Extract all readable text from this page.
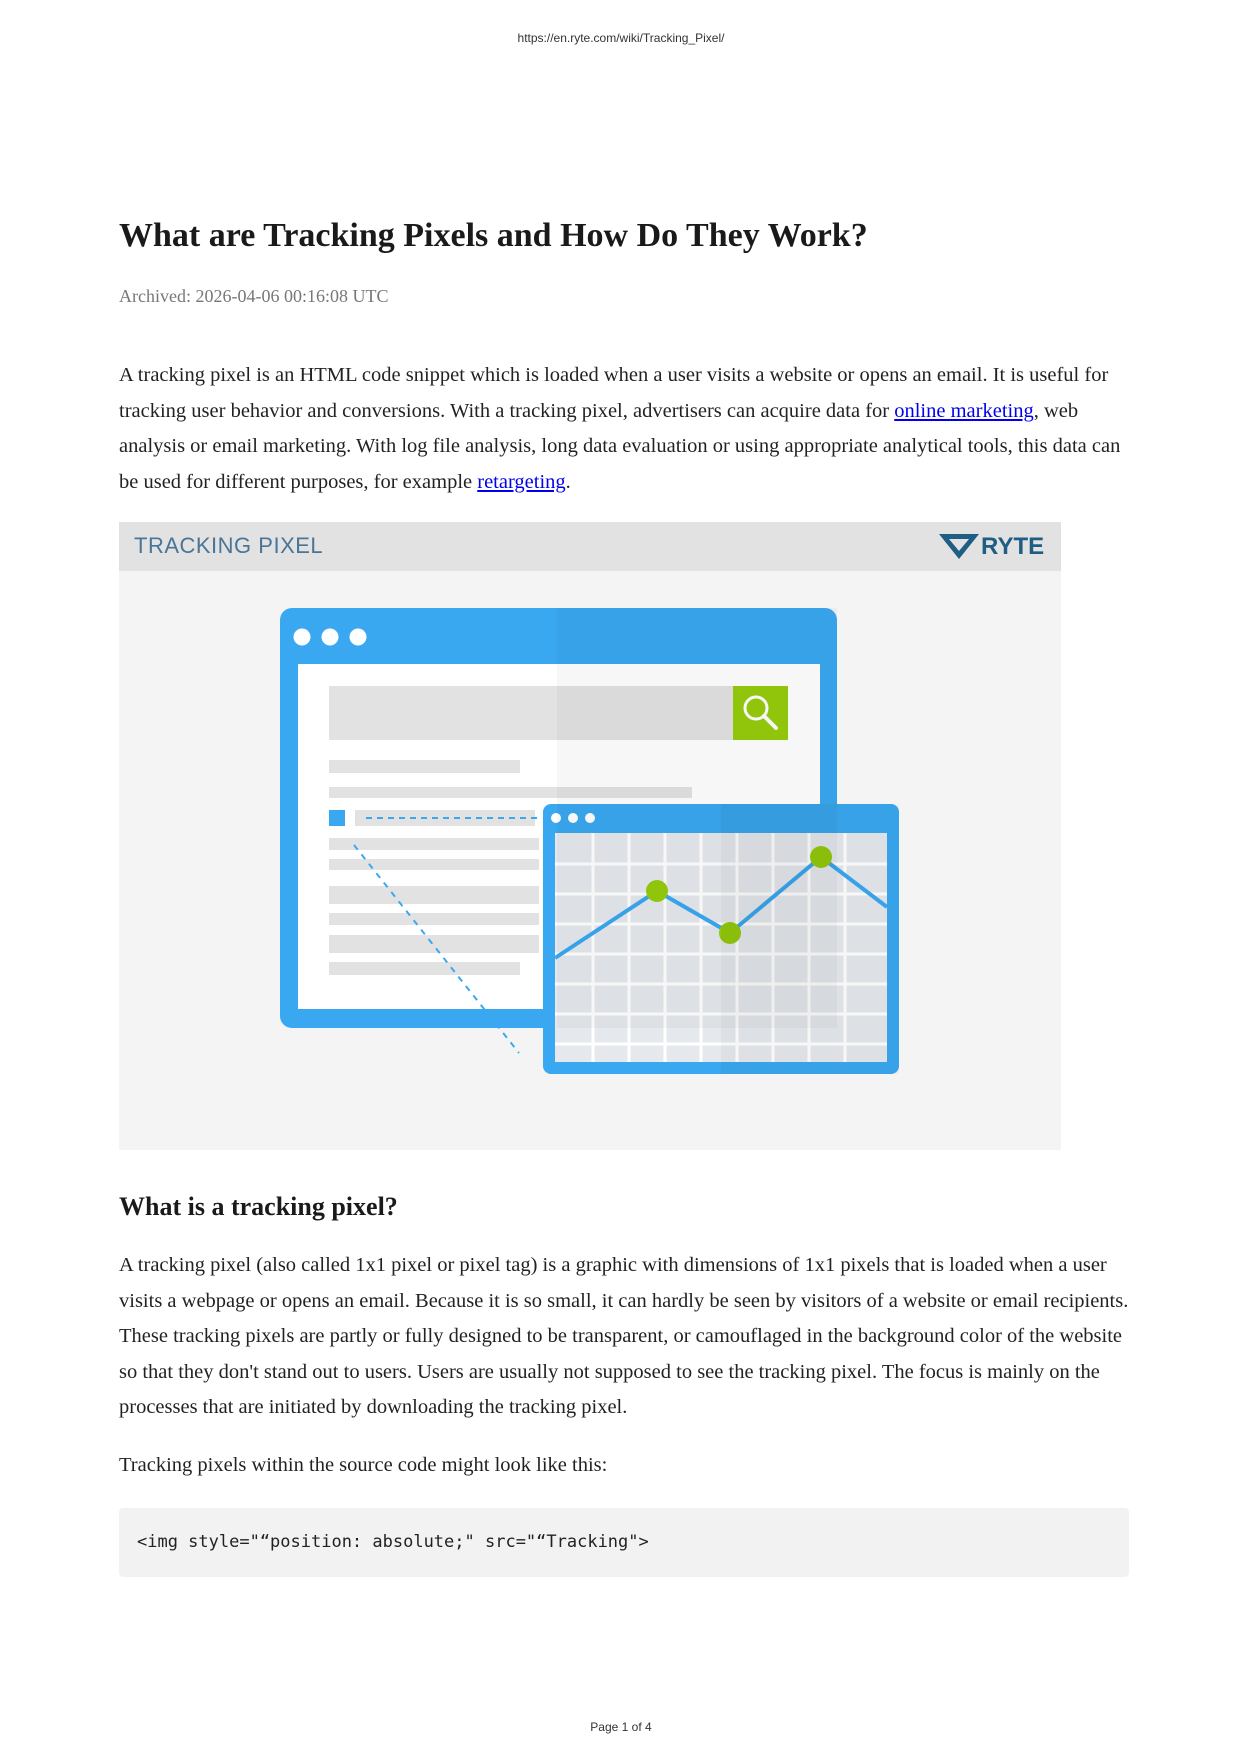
https://en.ryte.com/wiki/Tracking_Pixel/
What are Tracking Pixels and How Do They Work?
Archived: 2026-04-06 00:16:08 UTC

A tracking pixel is an HTML code snippet which is loaded when a user visits a website or opens an email. It is useful for tracking user behavior and conversions. With a tracking pixel, advertisers can acquire data for online marketing, web analysis or email marketing. With log file analysis, long data evaluation or using appropriate analytical tools, this data can be used for different purposes, for example retargeting.

TRACKING PIXEL	RYTE
What is a tracking pixel?

A tracking pixel (also called 1x1 pixel or pixel tag) is a graphic with dimensions of 1x1 pixels that is loaded when a user visits a webpage or opens an email. Because it is so small, it can hardly be seen by visitors of a website or email recipients. These tracking pixels are partly or fully designed to be transparent, or camouflaged in the background color of the website so that they don't stand out to users. Users are usually not supposed to see the tracking pixel. The focus is mainly on the processes that are initiated by downloading the tracking pixel.

Tracking pixels within the source code might look like this:

<img style="“position: absolute;" src="“Tracking">
Page 1 of 4
